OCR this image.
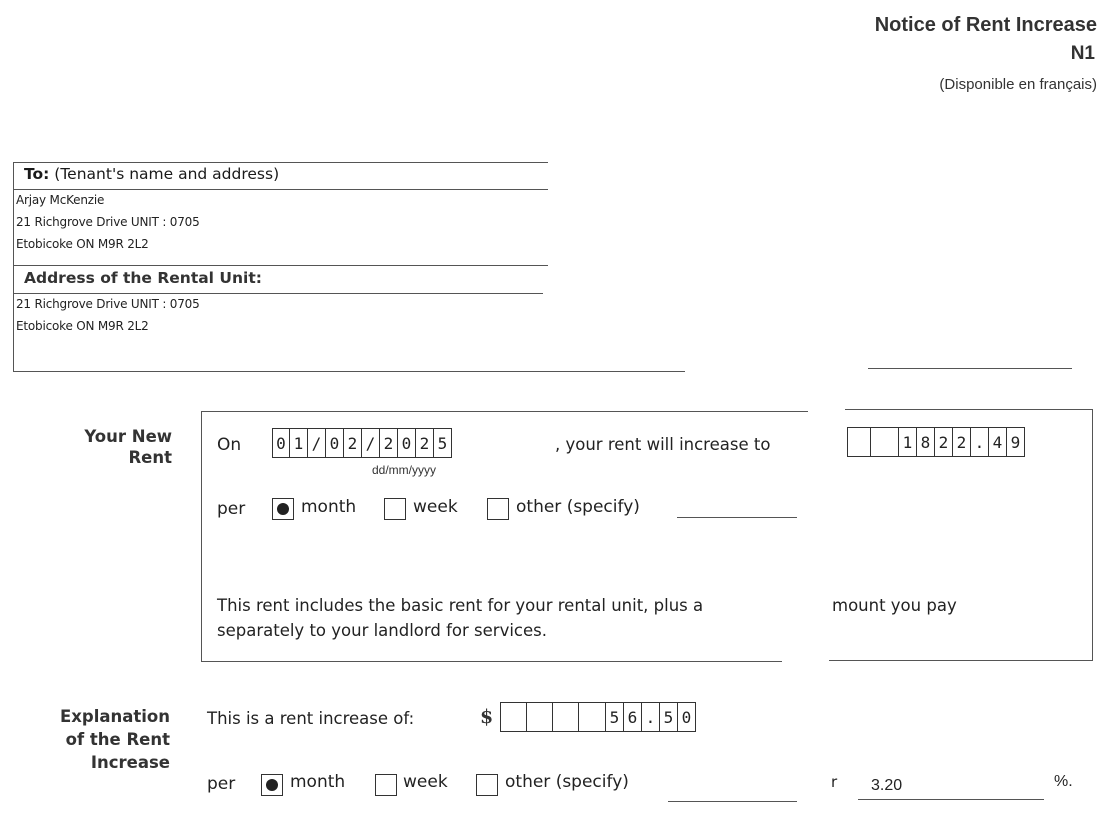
Notice of Rent Increase
N1
(Disponible en français)
To: (Tenant's name and address)
Arjay McKenzie
21 Richgrove Drive UNIT : 0705
Etobicoke ON M9R 2L2
Address of the Rental Unit:
21 Richgrove Drive UNIT : 0705
Etobicoke ON M9R 2L2
Your New
Rent
On 0 1 / 0 2 / 2 0 2 5
dd/mm/yyyy
, your rent will increase to	1 8 2 2 . 4 9
per	month	week	other (specify)
This rent includes the basic rent for your rental unit, plus a	mount you pay
separately to your landlord for services.
Explanation
of the Rent
Increase
This is a rent increase of:	$	5 6 . 5 0
per	month	week	other (specify)	r 3.20	%.
